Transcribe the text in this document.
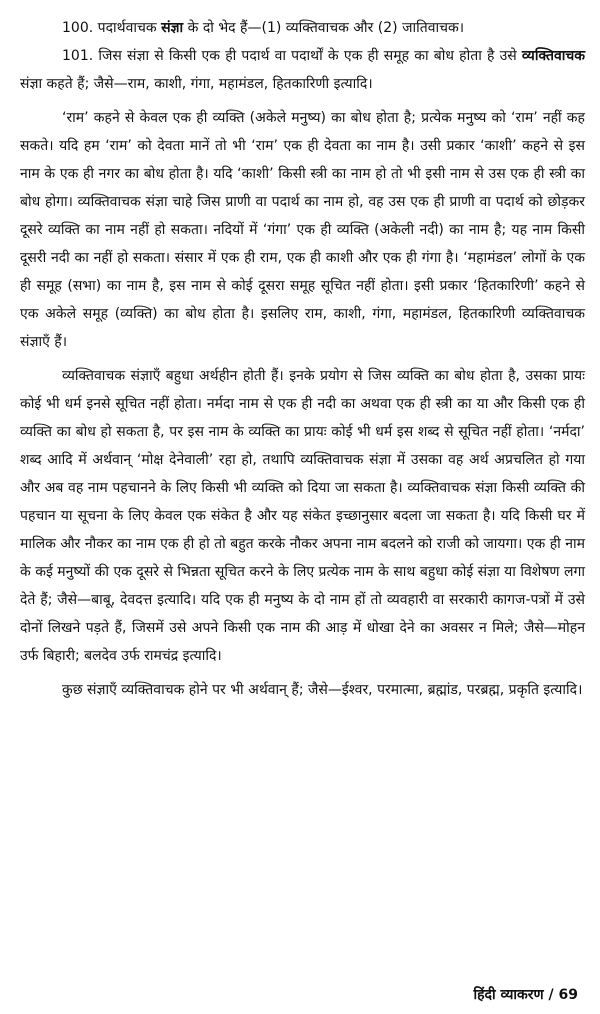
100. पदार्थवाचक संज्ञा के दो भेद हैं—(1) व्यक्तिवाचक और (2) जातिवाचक।

101. जिस संज्ञा से किसी एक ही पदार्थ वा पदार्थों के एक ही समूह का बोध होता है उसे व्यक्तिवाचक संज्ञा कहते हैं; जैसे—राम, काशी, गंगा, महामंडल, हितकारिणी इत्यादि।

‘राम’ कहने से केवल एक ही व्यक्ति (अकेले मनुष्य) का बोध होता है; प्रत्येक मनुष्य को ‘राम’ नहीं कह सकते। यदि हम ‘राम’ को देवता मानें तो भी ‘राम’ एक ही देवता का नाम है। उसी प्रकार ‘काशी’ कहने से इस नाम के एक ही नगर का बोध होता है। यदि ‘काशी’ किसी स्त्री का नाम हो तो भी इसी नाम से उस एक ही स्त्री का बोध होगा। व्यक्तिवाचक संज्ञा चाहे जिस प्राणी वा पदार्थ का नाम हो, वह उस एक ही प्राणी वा पदार्थ को छोड़कर दूसरे व्यक्ति का नाम नहीं हो सकता। नदियों में ‘गंगा’ एक ही व्यक्ति (अकेली नदी) का नाम है; यह नाम किसी दूसरी नदी का नहीं हो सकता। संसार में एक ही राम, एक ही काशी और एक ही गंगा है। ‘महामंडल’ लोगों के एक ही समूह (सभा) का नाम है, इस नाम से कोई दूसरा समूह सूचित नहीं होता। इसी प्रकार ‘हितकारिणी’ कहने से एक अकेले समूह (व्यक्ति) का बोध होता है। इसलिए राम, काशी, गंगा, महामंडल, हितकारिणी व्यक्तिवाचक संज्ञाएँ हैं।

व्यक्तिवाचक संज्ञाएँ बहुधा अर्थहीन होती हैं। इनके प्रयोग से जिस व्यक्ति का बोध होता है, उसका प्रायः कोई भी धर्म इनसे सूचित नहीं होता। नर्मदा नाम से एक ही नदी का अथवा एक ही स्त्री का या और किसी एक ही व्यक्ति का बोध हो सकता है, पर इस नाम के व्यक्ति का प्रायः कोई भी धर्म इस शब्द से सूचित नहीं होता। ‘नर्मदा’ शब्द आदि में अर्थवान् ‘मोक्ष देनेवाली’ रहा हो, तथापि व्यक्तिवाचक संज्ञा में उसका वह अर्थ अप्रचलित हो गया और अब वह नाम पहचानने के लिए किसी भी व्यक्ति को दिया जा सकता है। व्यक्तिवाचक संज्ञा किसी व्यक्ति की पहचान या सूचना के लिए केवल एक संकेत है और यह संकेत इच्छानुसार बदला जा सकता है। यदि किसी घर में मालिक और नौकर का नाम एक ही हो तो बहुत करके नौकर अपना नाम बदलने को राजी को जायगा। एक ही नाम के कई मनुष्यों की एक दूसरे से भिन्नता सूचित करने के लिए प्रत्येक नाम के साथ बहुधा कोई संज्ञा या विशेषण लगा देते हैं; जैसे—बाबू, देवदत्त इत्यादि। यदि एक ही मनुष्य के दो नाम हों तो व्यवहारी वा सरकारी कागज-पत्रों में उसे दोनों लिखने पड़ते हैं, जिसमें उसे अपने किसी एक नाम की आड़ में धोखा देने का अवसर न मिले; जैसे—मोहन उर्फ बिहारी; बलदेव उर्फ रामचंद्र इत्यादि।

कुछ संज्ञाएँ व्यक्तिवाचक होने पर भी अर्थवान् हैं; जैसे—ईश्वर, परमात्मा, ब्रह्मांड, परब्रह्म, प्रकृति इत्यादि।

हिंदी व्याकरण / 69
